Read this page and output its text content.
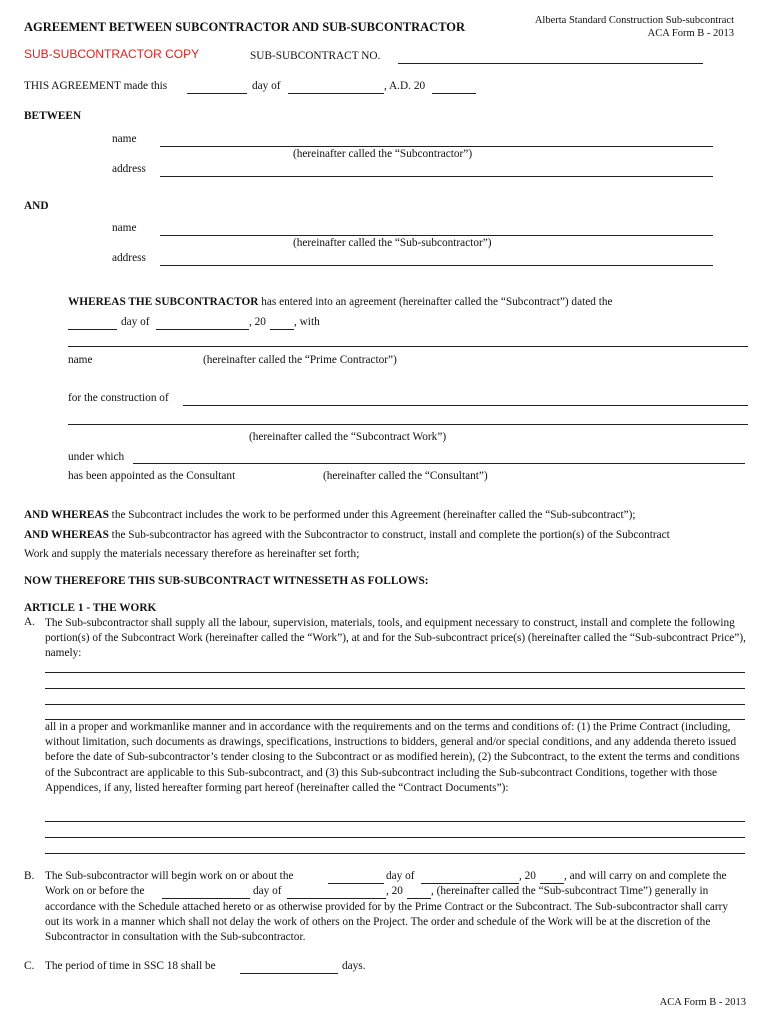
AGREEMENT BETWEEN SUBCONTRACTOR AND SUB-SUBCONTRACTOR	Alberta Standard Construction Sub-subcontract
ACA Form B - 2013
SUB-SUBCONTRACTOR COPY	SUB-SUBCONTRACT NO.
THIS AGREEMENT made this	day of	, A.D. 20
BETWEEN
name
(hereinafter called the “Subcontractor”)
address
AND
name
(hereinafter called the “Sub-subcontractor”)
address
WHEREAS THE SUBCONTRACTOR has entered into an agreement (hereinafter called the “Subcontract”) dated the
day of	, 20 , with
name	(hereinafter called the “Prime Contractor”)
for the construction of
(hereinafter called the “Subcontract Work”)
under which
has been appointed as the Consultant	(hereinafter called the “Consultant”)
AND WHEREAS the Subcontract includes the work to be performed under this Agreement (hereinafter called the “Sub-subcontract”);
AND WHEREAS the Sub-subcontractor has agreed with the Subcontractor to construct, install and complete the portion(s) of the Subcontract
Work and supply the materials necessary therefore as hereinafter set forth;
NOW THEREFORE THIS SUB-SUBCONTRACT WITNESSETH AS FOLLOWS:
ARTICLE 1 - THE WORK
A. The Sub-subcontractor shall supply all the labour, supervision, materials, tools, and equipment necessary to construct, install and complete the following portion(s) of the Subcontract Work (hereinafter called the “Work”), at and for the Sub-subcontract price(s) (hereinafter called the “Sub-subcontract Price”), namely:
all in a proper and workmanlike manner and in accordance with the requirements and on the terms and conditions of: (1) the Prime Contract (including, without limitation, such documents as drawings, specifications, instructions to bidders, general and/or special conditions, and any addenda thereto issued before the date of Sub-subcontractor’s tender closing to the Subcontract or as modified herein), (2) the Subcontract, to the extent the terms and conditions of the Subcontract are applicable to this Sub-subcontract, and (3) this Sub-subcontract including the Sub-subcontract Conditions, together with those Appendices, if any, listed hereafter forming part hereof (hereinafter called the “Contract Documents”):
B. The Sub-subcontractor will begin work on or about the	day of	, 20 , and will carry on and complete the
Work on or before the	day of	, 20 , (hereinafter called the “Sub-subcontract Time”) generally in
accordance with the Schedule attached hereto or as otherwise provided for by the Prime Contract or the Subcontract. The Sub-subcontractor shall carry out its work in a manner which shall not delay the work of others on the Project. The order and schedule of the Work will be at the discretion of the Subcontractor in consultation with the Sub-subcontractor.
C. The period of time in SSC 18 shall be	days.
ACA Form B - 2013
